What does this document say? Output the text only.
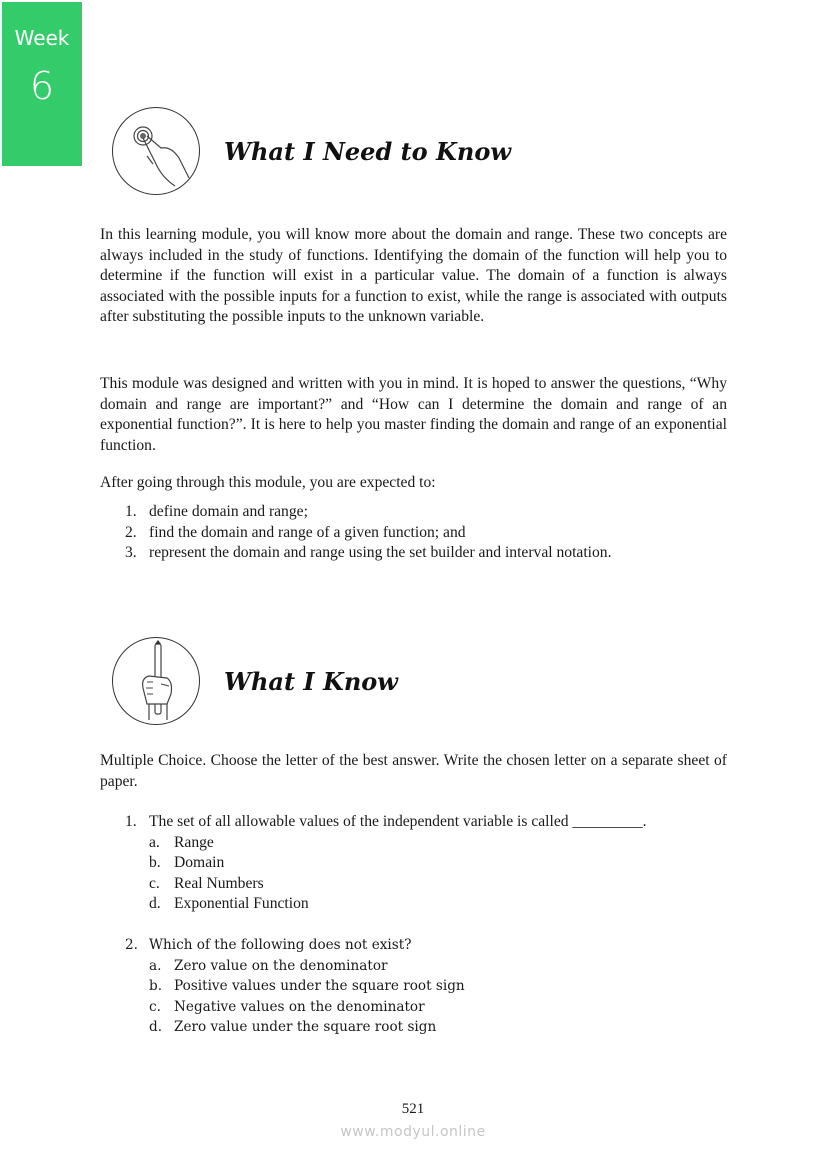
Week
6
What I Need to Know
In this learning module, you will know more about the domain and range. These two concepts are always included in the study of functions. Identifying the domain of the function will help you to determine if the function will exist in a particular value. The domain of a function is always associated with the possible inputs for a function to exist, while the range is associated with outputs after substituting the possible inputs to the unknown variable.
This module was designed and written with you in mind. It is hoped to answer the questions, “Why domain and range are important?” and “How can I determine the domain and range of an exponential function?”. It is here to help you master finding the domain and range of an exponential function.
After going through this module, you are expected to:
1. define domain and range;
2. find the domain and range of a given function; and
3. represent the domain and range using the set builder and interval notation.
What I Know
Multiple Choice. Choose the letter of the best answer. Write the chosen letter on a separate sheet of paper.
1. The set of all allowable values of the independent variable is called _________.
a. Range
b. Domain
c. Real Numbers
d. Exponential Function
2. Which of the following does not exist?
a. Zero value on the denominator
b. Positive values under the square root sign
c. Negative values on the denominator
d. Zero value under the square root sign
521
www.modyul.online
